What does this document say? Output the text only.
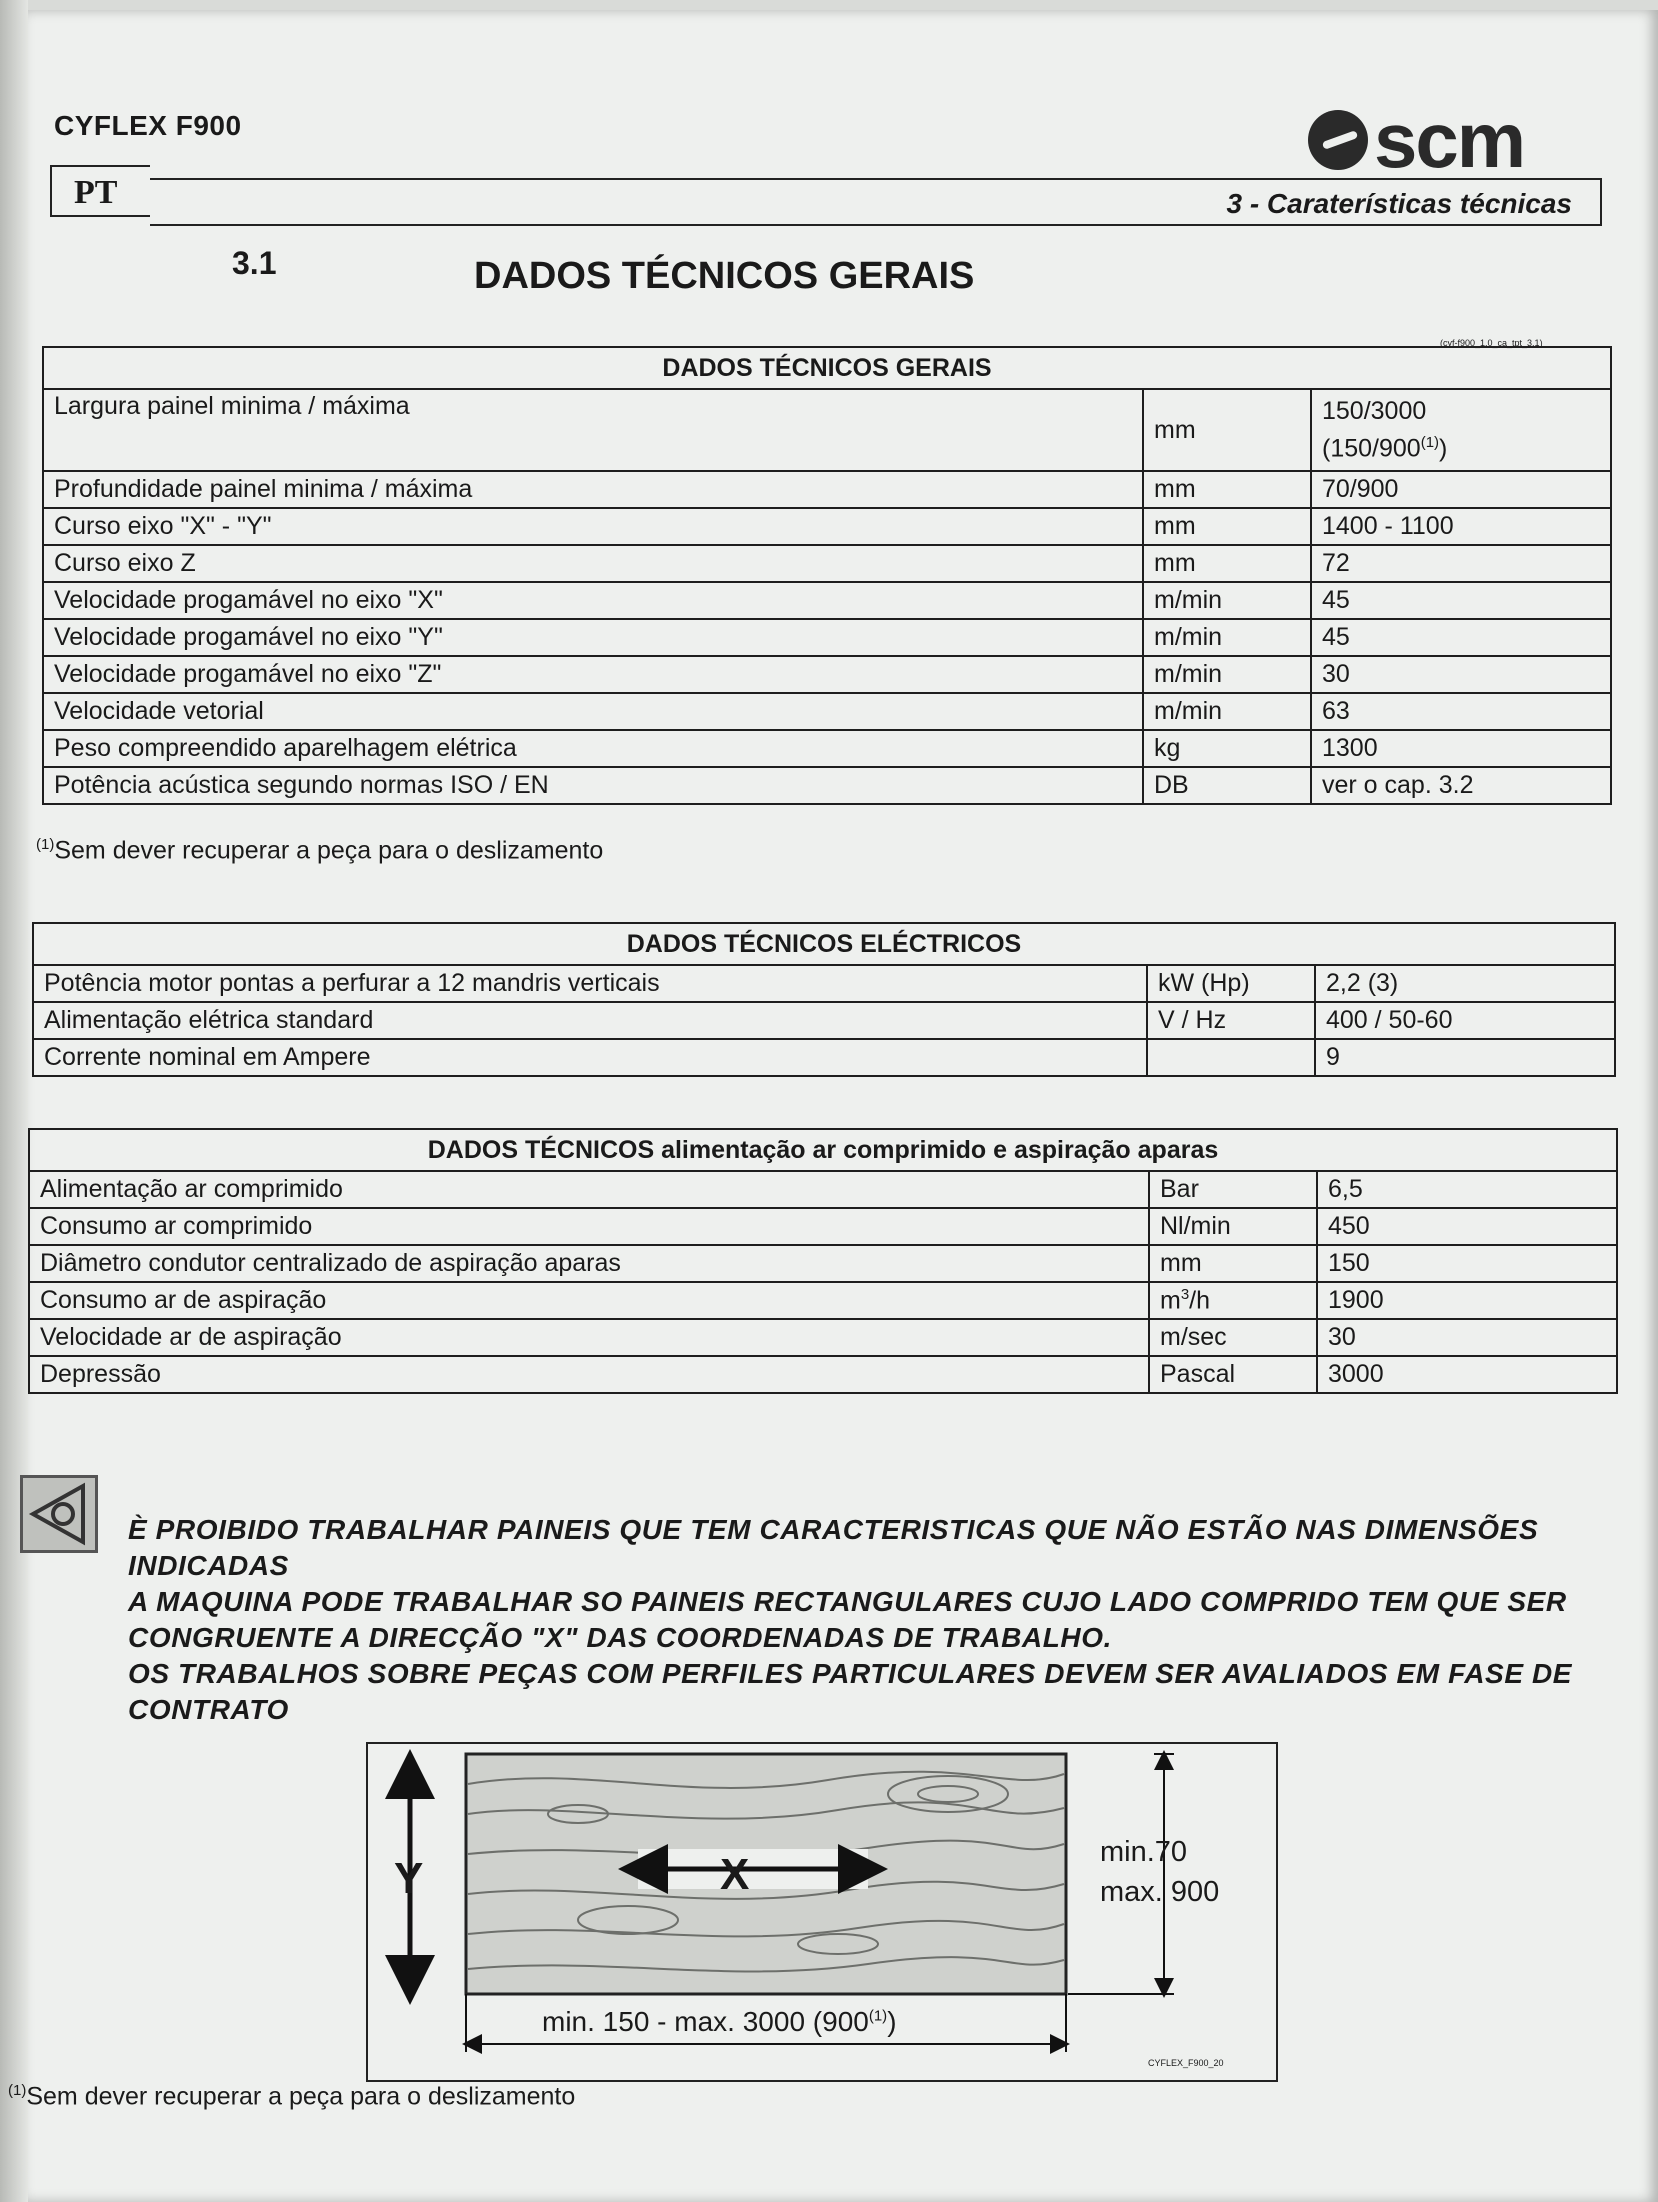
CYFLEX F900	scm
PT	3 - Caraterísticas técnicas
3.1	DADOS TÉCNICOS GERAIS
(cyf-f900_1.0_ca_tpt_3.1)
DADOS TÉCNICOS GERAIS		
Largura painel minima / máxima	mm	150/3000
(150/900$^{(1)}$)

Profundidade painel minima / máxima	mm	70/900
Curso eixo "X" - "Y"	mm	1400 - 1100
Curso eixo Z	mm	72
Velocidade progamável no eixo "X"	m/min	45
Velocidade progamável no eixo "Y"	m/min	45
Velocidade progamável no eixo "Z"	m/min	30
Velocidade vetorial	m/min	63
Peso compreendido aparelhagem elétrica	kg	1300
Potência acústica segundo normas ISO / EN	DB	ver o cap. 3.2
$^{(1)}$Sem dever recuperar a peça para o deslizamento
DADOS TÉCNICOS ELÉCTRICOS		
Potência motor pontas a perfurar a 12 mandris verticais	kW (Hp)	2,2 (3)
Alimentação elétrica standard	V / Hz	400 / 50-60
Corrente nominal em Ampere		9
DADOS TÉCNICOS alimentação ar comprimido e aspiração aparas		
Alimentação ar comprimido	Bar	6,5
Consumo ar comprimido	Nl/min	450
Diâmetro condutor centralizado de aspiração aparas	mm	150
Consumo ar de aspiração	$m^3/h$	1900
Velocidade ar de aspiração	m/sec	30
Depressão	Pascal	3000
È PROIBIDO TRABALHAR PAINEIS QUE TEM CARACTERISTICAS QUE NÃO ESTÃO NAS DIMENSÕES INDICADAS
A MAQUINA PODE TRABALHAR SO PAINEIS RECTANGULARES CUJO LADO COMPRIDO TEM QUE SER CONGRUENTE A DIRECÇÃO "X" DAS COORDENADAS DE TRABALHO.
OS TRABALHOS SOBRE PEÇAS COM PERFILES PARTICULARES DEVEM SER AVALIADOS EM FASE DE CONTRATO
X
Y
min.70
max. 900
min. 150 - max. 3000 (900$^{(1)}$)
CYFLEX_F900_20
$^{(1)}$Sem dever recuperar a peça para o deslizamento
